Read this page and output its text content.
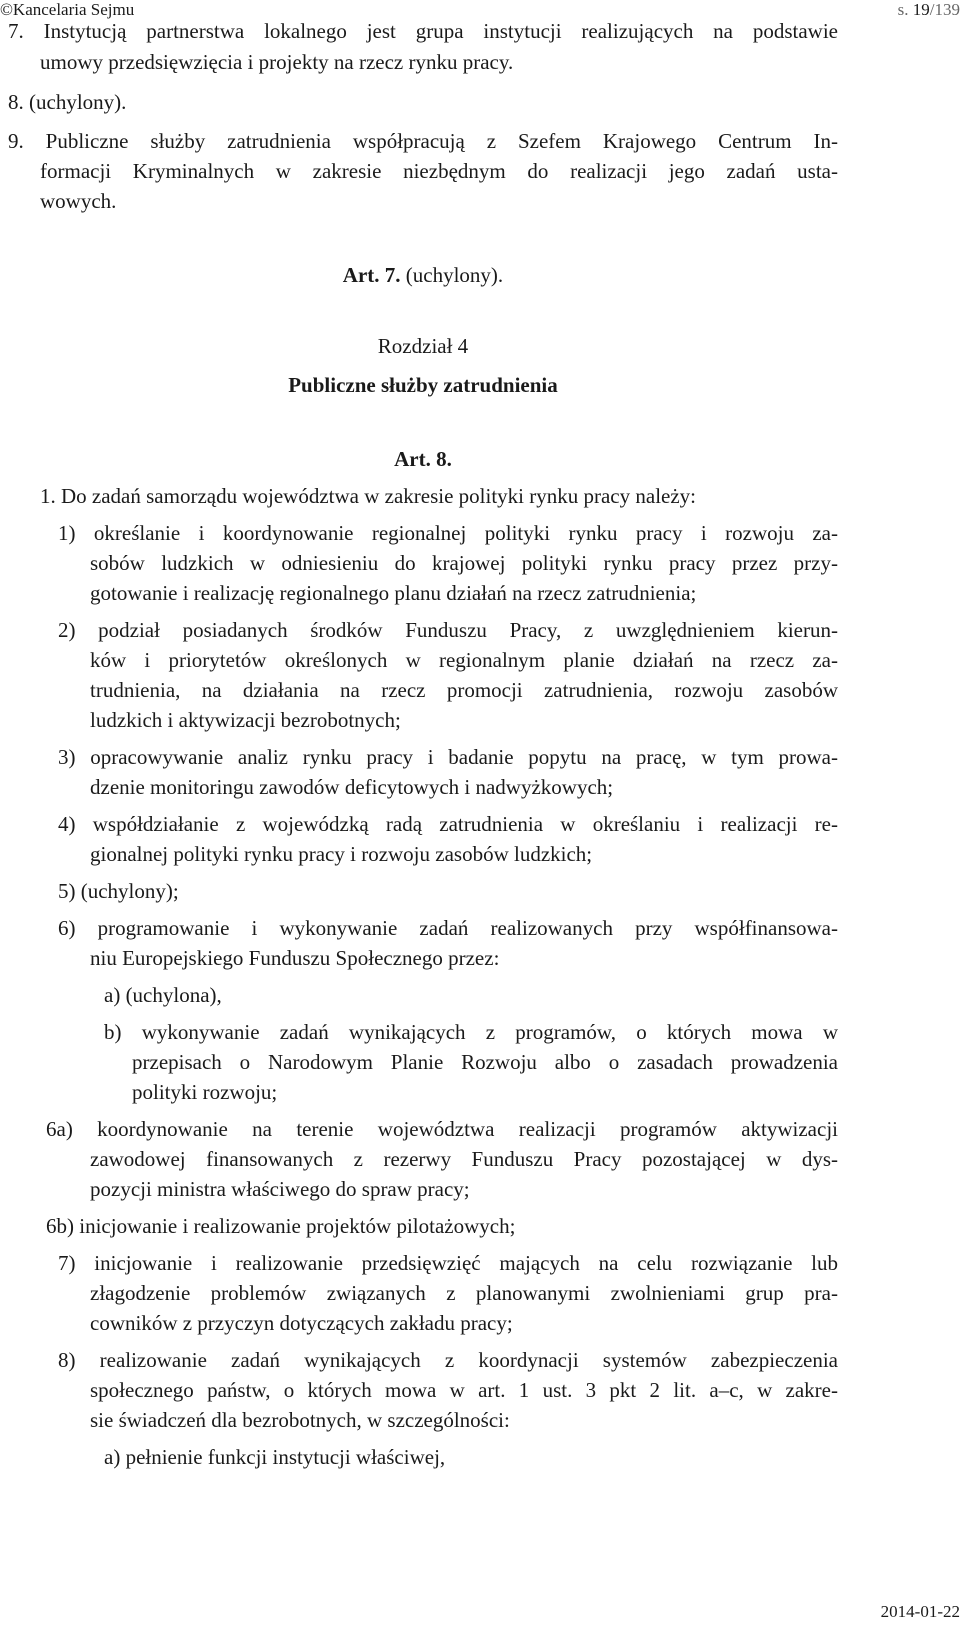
©Kancelaria Sejmu	s. 19/139
7. Instytucją partnerstwa lokalnego jest grupa instytucji realizujących na podstawie
umowy przedsięwzięcia i projekty na rzecz rynku pracy.
8. (uchylony).
9. Publiczne służby zatrudnienia współpracują z Szefem Krajowego Centrum In-
formacji Kryminalnych w zakresie niezbędnym do realizacji jego zadań usta-
wowych.
Art. 7. (uchylony).
Rozdział 4
Publiczne służby zatrudnienia
Art. 8.
1. Do zadań samorządu województwa w zakresie polityki rynku pracy należy:
1) określanie i koordynowanie regionalnej polityki rynku pracy i rozwoju za-
sobów ludzkich w odniesieniu do krajowej polityki rynku pracy przez przy-
gotowanie i realizację regionalnego planu działań na rzecz zatrudnienia;
2) podział posiadanych środków Funduszu Pracy, z uwzględnieniem kierun-
ków i priorytetów określonych w regionalnym planie działań na rzecz za-
trudnienia, na działania na rzecz promocji zatrudnienia, rozwoju zasobów
ludzkich i aktywizacji bezrobotnych;
3) opracowywanie analiz rynku pracy i badanie popytu na pracę, w tym prowa-
dzenie monitoringu zawodów deficytowych i nadwyżkowych;
4) współdziałanie z wojewódzką radą zatrudnienia w określaniu i realizacji re-
gionalnej polityki rynku pracy i rozwoju zasobów ludzkich;
5) (uchylony);
6) programowanie i wykonywanie zadań realizowanych przy współfinansowa-
niu Europejskiego Funduszu Społecznego przez:
a) (uchylona),
b) wykonywanie zadań wynikających z programów, o których mowa w
przepisach o Narodowym Planie Rozwoju albo o zasadach prowadzenia
polityki rozwoju;
6a) koordynowanie na terenie województwa realizacji programów aktywizacji
zawodowej finansowanych z rezerwy Funduszu Pracy pozostającej w dys-
pozycji ministra właściwego do spraw pracy;
6b) inicjowanie i realizowanie projektów pilotażowych;
7) inicjowanie i realizowanie przedsięwzięć mających na celu rozwiązanie lub
złagodzenie problemów związanych z planowanymi zwolnieniami grup pra-
cowników z przyczyn dotyczących zakładu pracy;
8) realizowanie zadań wynikających z koordynacji systemów zabezpieczenia
społecznego państw, o których mowa w art. 1 ust. 3 pkt 2 lit. a–c, w zakre-
sie świadczeń dla bezrobotnych, w szczególności:
a) pełnienie funkcji instytucji właściwej,
2014-01-22
